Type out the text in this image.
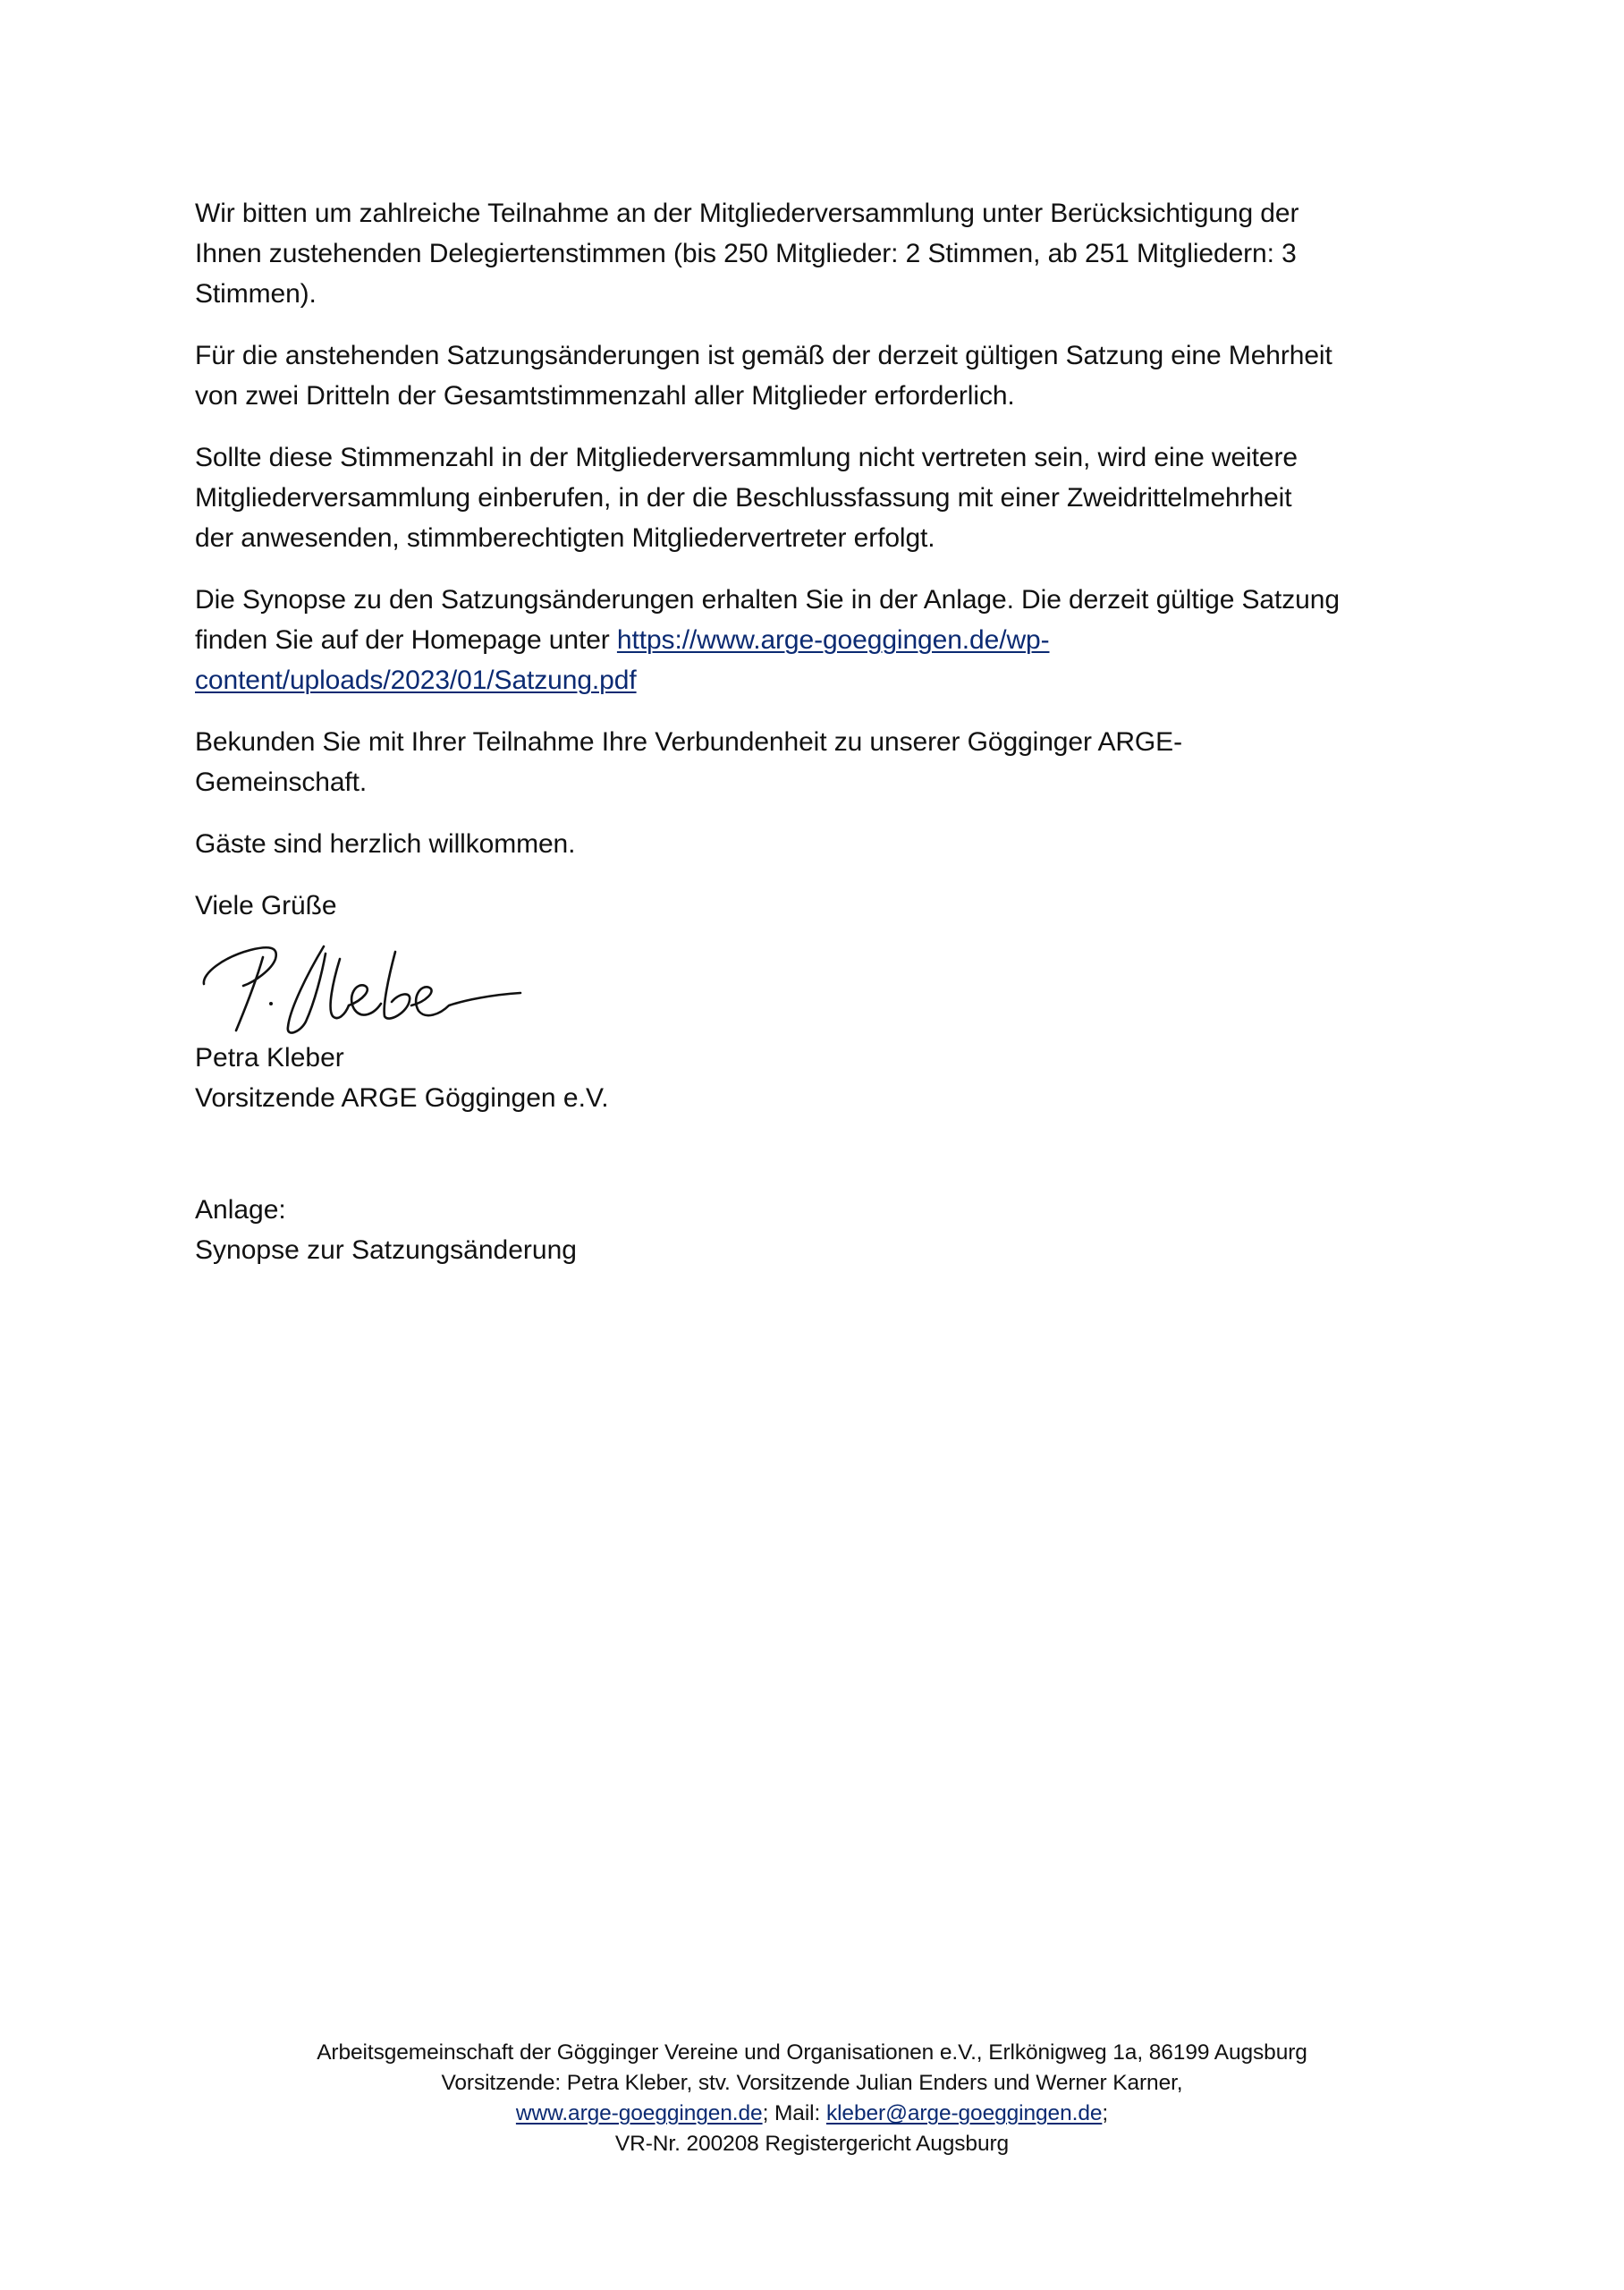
Wir bitten um zahlreiche Teilnahme an der Mitgliederversammlung unter Berücksichtigung der
Ihnen zustehenden Delegiertenstimmen (bis 250 Mitglieder: 2 Stimmen, ab 251 Mitgliedern: 3
Stimmen).

Für die anstehenden Satzungsänderungen ist gemäß der derzeit gültigen Satzung eine Mehrheit
von zwei Dritteln der Gesamtstimmenzahl aller Mitglieder erforderlich.

Sollte diese Stimmenzahl in der Mitgliederversammlung nicht vertreten sein, wird eine weitere
Mitgliederversammlung einberufen, in der die Beschlussfassung mit einer Zweidrittelmehrheit
der anwesenden, stimmberechtigten Mitgliedervertreter erfolgt.

Die Synopse zu den Satzungsänderungen erhalten Sie in der Anlage. Die derzeit gültige Satzung
finden Sie auf der Homepage unter https://www.arge-goeggingen.de/wp-
content/uploads/2023/01/Satzung.pdf

Bekunden Sie mit Ihrer Teilnahme Ihre Verbundenheit zu unserer Gögginger ARGE-
Gemeinschaft.

Gäste sind herzlich willkommen.

Viele Grüße

Petra Kleber
Vorsitzende ARGE Göggingen e.V.
Anlage:
Synopse zur Satzungsänderung
Arbeitsgemeinschaft der Gögginger Vereine und Organisationen e.V., Erlkönigweg 1a, 86199 Augsburg
Vorsitzende: Petra Kleber, stv. Vorsitzende Julian Enders und Werner Karner,
www.arge-goeggingen.de; Mail: kleber@arge-goeggingen.de;
VR-Nr. 200208 Registergericht Augsburg
